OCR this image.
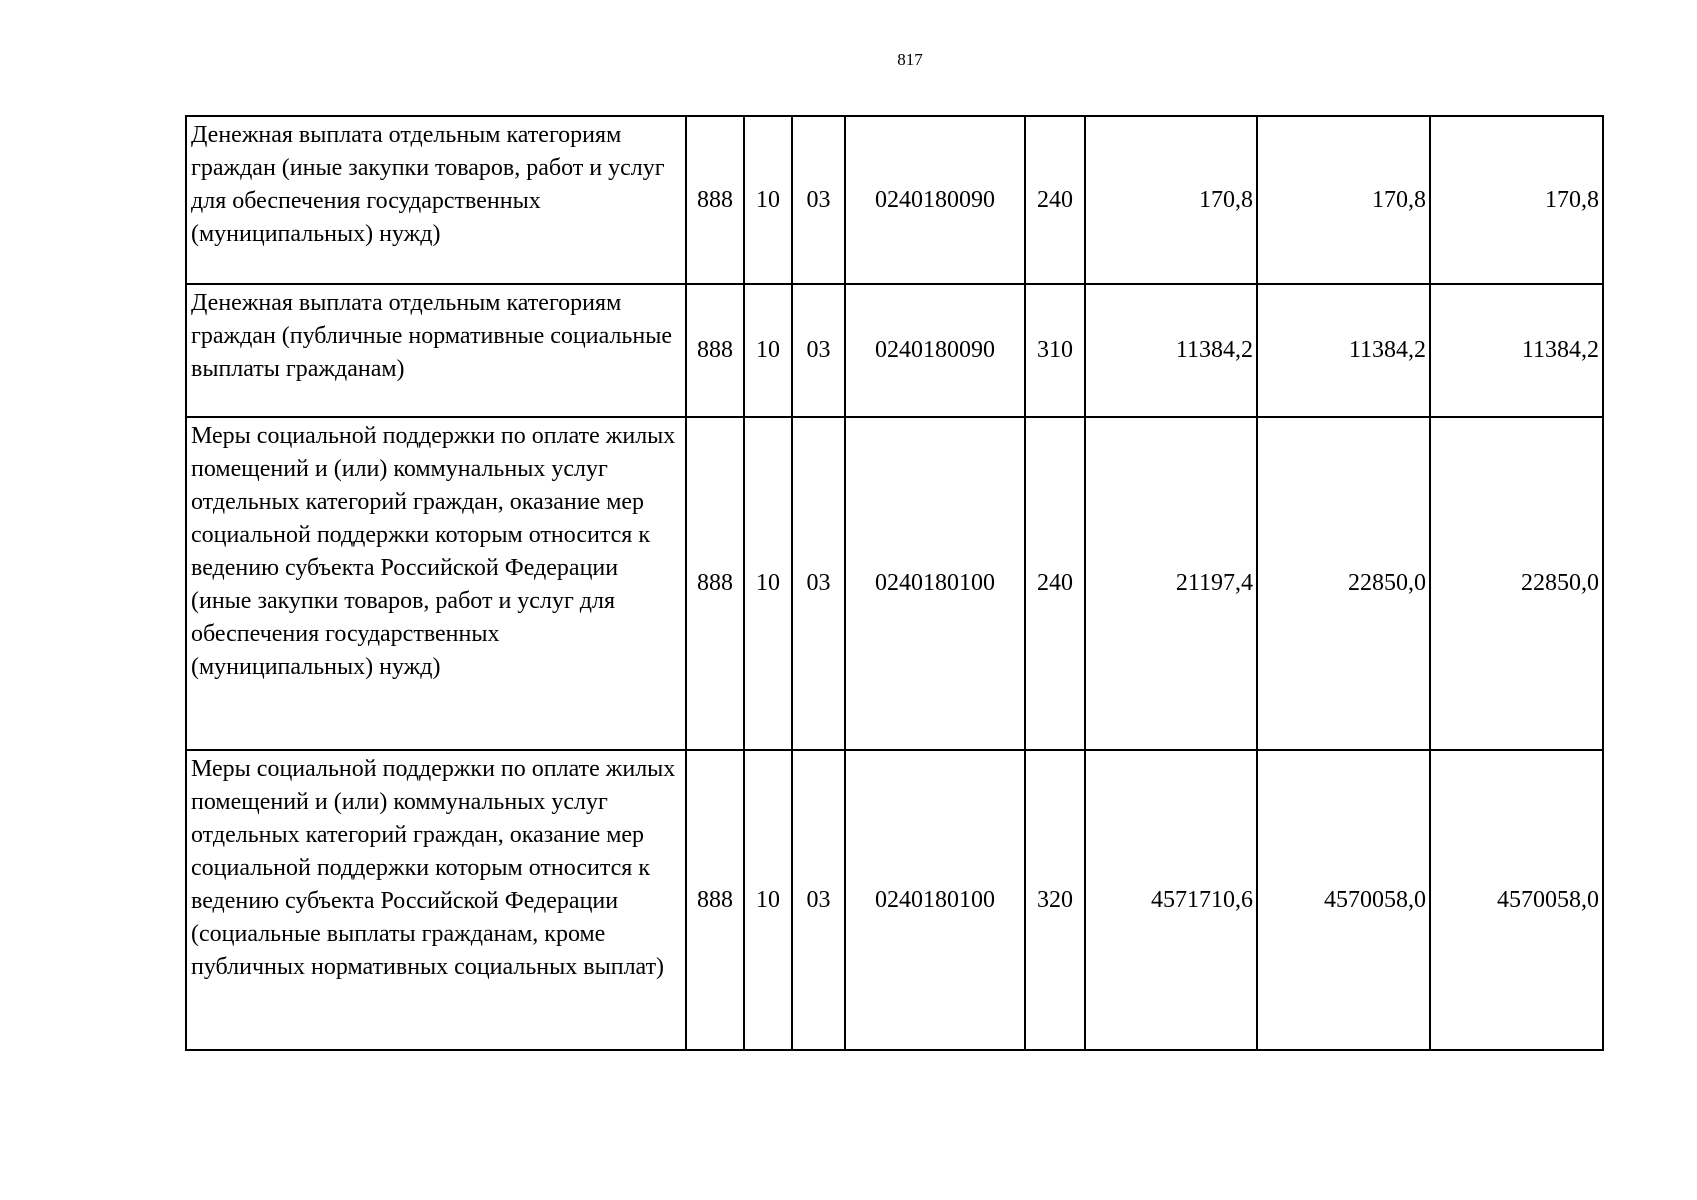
817
Денежная выплата отдельным категориям граждан (иные закупки товаров, работ и услуг для обеспечения государственных (муниципальных) нужд)	888	10	03	0240180090	240	170,8	170,8	170,8
Денежная выплата отдельным категориям граждан (публичные нормативные социальные выплаты гражданам)	888	10	03	0240180090	310	11384,2	11384,2	11384,2
Меры социальной поддержки по оплате жилых помещений и (или) коммунальных услуг отдельных категорий граждан, оказание мер социальной поддержки которым относится к ведению субъекта Российской Федерации (иные закупки товаров, работ и услуг для обеспечения государственных (муниципальных) нужд)	888	10	03	0240180100	240	21197,4	22850,0	22850,0
Меры социальной поддержки по оплате жилых помещений и (или) коммунальных услуг отдельных категорий граждан, оказание мер социальной поддержки которым относится к ведению субъекта Российской Федерации (социальные выплаты гражданам, кроме публичных нормативных социальных выплат)	888	10	03	0240180100	320	4571710,6	4570058,0	4570058,0
